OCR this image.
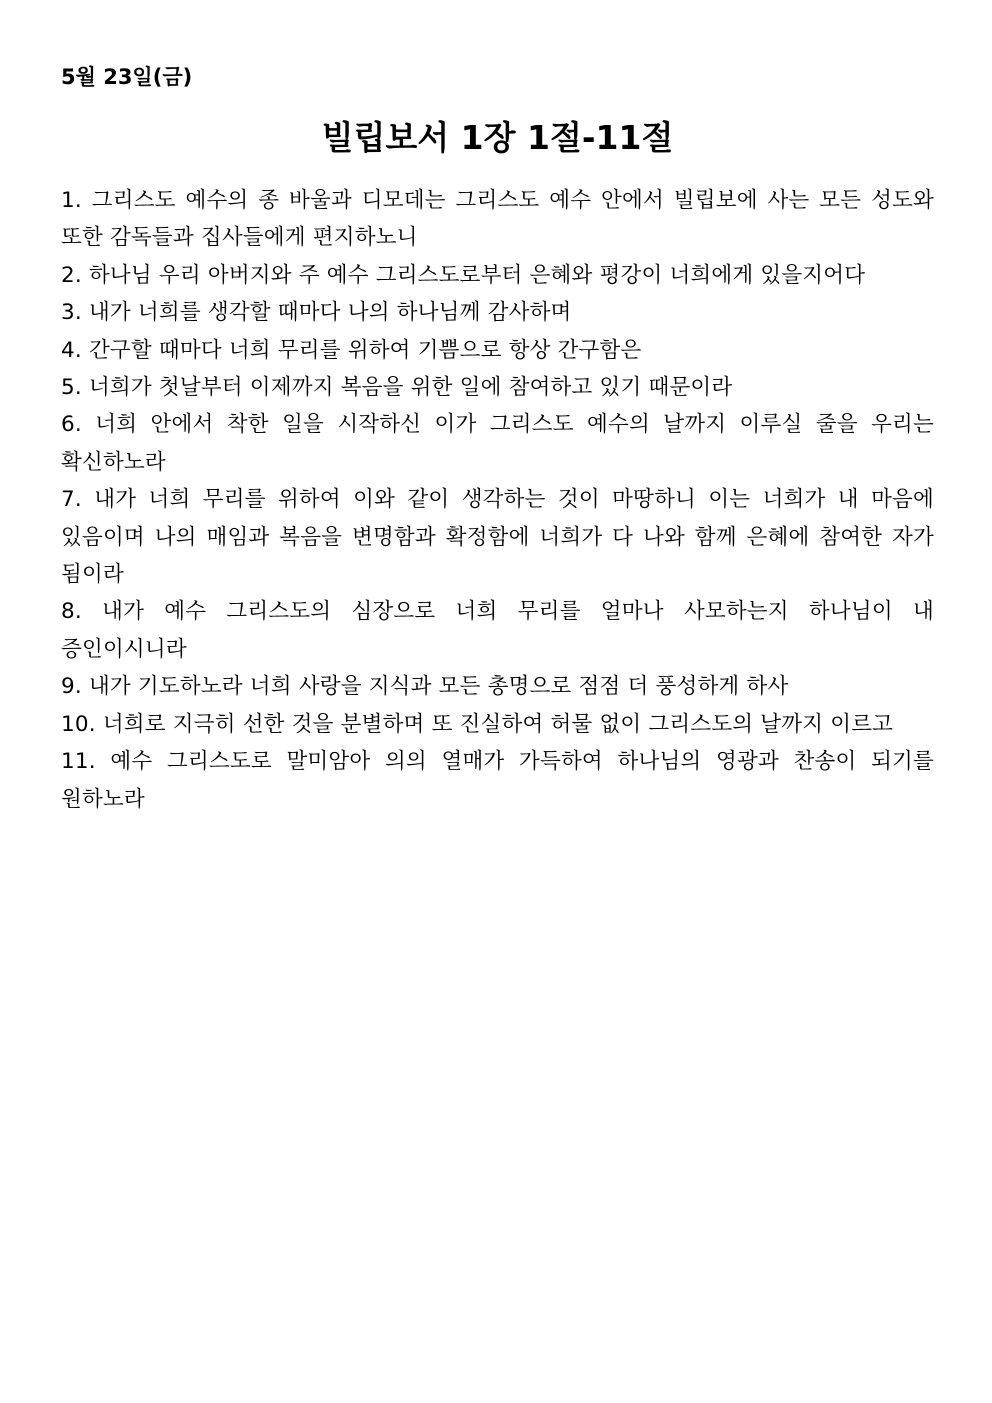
5월 23일(금)
빌립보서 1장 1절-11절

1. 그리스도 예수의 종 바울과 디모데는 그리스도 예수 안에서 빌립보에 사는 모든 성도와 또한 감독들과 집사들에게 편지하노니

2. 하나님 우리 아버지와 주 예수 그리스도로부터 은혜와 평강이 너희에게 있을지어다

3. 내가 너희를 생각할 때마다 나의 하나님께 감사하며

4. 간구할 때마다 너희 무리를 위하여 기쁨으로 항상 간구함은

5. 너희가 첫날부터 이제까지 복음을 위한 일에 참여하고 있기 때문이라

6. 너희 안에서 착한 일을 시작하신 이가 그리스도 예수의 날까지 이루실 줄을 우리는 확신하노라

7. 내가 너희 무리를 위하여 이와 같이 생각하는 것이 마땅하니 이는 너희가 내 마음에 있음이며 나의 매임과 복음을 변명함과 확정함에 너희가 다 나와 함께 은혜에 참여한 자가 됨이라

8. 내가 예수 그리스도의 심장으로 너희 무리를 얼마나 사모하는지 하나님이 내 증인이시니라

9. 내가 기도하노라 너희 사랑을 지식과 모든 총명으로 점점 더 풍성하게 하사

10. 너희로 지극히 선한 것을 분별하며 또 진실하여 허물 없이 그리스도의 날까지 이르고

11. 예수 그리스도로 말미암아 의의 열매가 가득하여 하나님의 영광과 찬송이 되기를 원하노라
